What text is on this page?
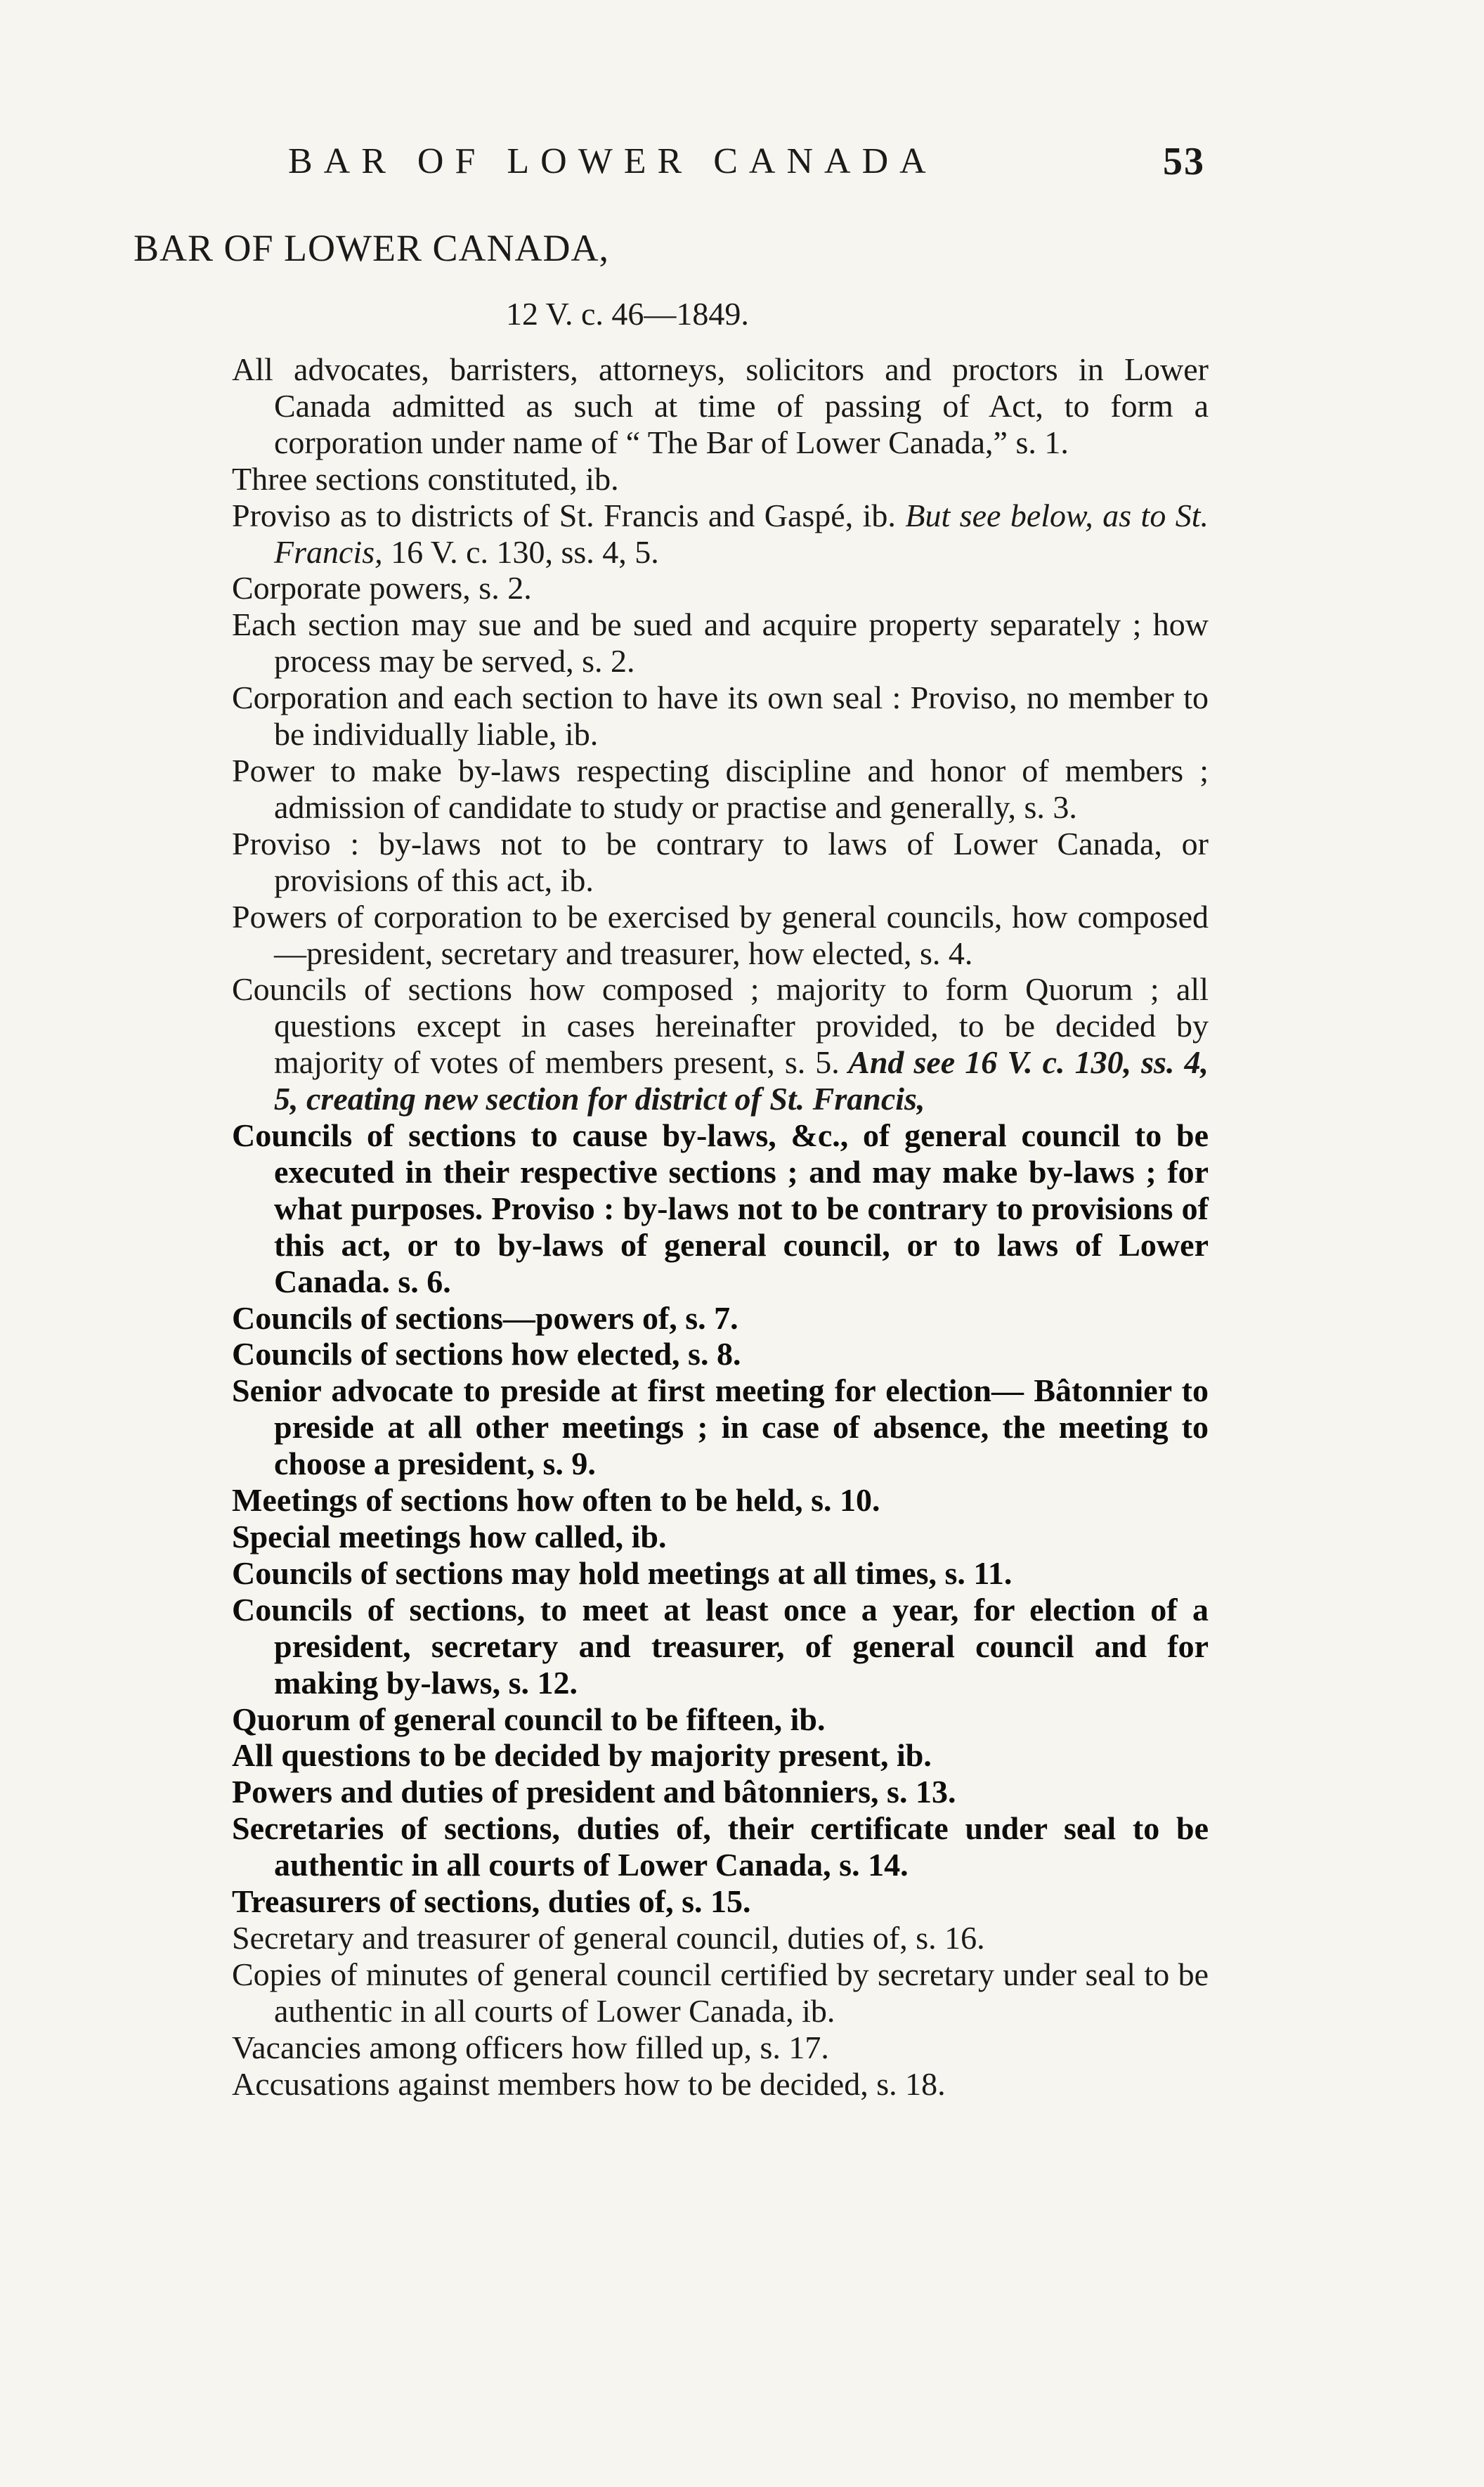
BAR OF LOWER CANADA	53
BAR OF LOWER CANADA,
12 V. c. 46—1849.
All advocates, barristers, attorneys, solicitors and proctors in Lower Canada admitted as such at time of passing of Act, to form a corporation under name of “ The Bar of Lower Canada,” s. 1.
Three sections constituted, ib.
Proviso as to districts of St. Francis and Gaspé, ib. But see below, as to St. Francis, 16 V. c. 130, ss. 4, 5.
Corporate powers, s. 2.
Each section may sue and be sued and acquire property separately ; how process may be served, s. 2.
Corporation and each section to have its own seal : Proviso, no member to be individually liable, ib.
Power to make by-laws respecting discipline and honor of members ; admission of candidate to study or practise and generally, s. 3.
Proviso : by-laws not to be contrary to laws of Lower Canada, or provisions of this act, ib.
Powers of corporation to be exercised by general councils, how composed—president, secretary and treasurer, how elected, s. 4.
Councils of sections how composed ; majority to form Quorum ; all questions except in cases hereinafter provided, to be decided by majority of votes of members present, s. 5. And see 16 V. c. 130, ss. 4, 5, creating new section for district of St. Francis,
Councils of sections to cause by-laws, &c., of general council to be executed in their respective sections ; and may make by-laws ; for what purposes. Proviso : by-laws not to be contrary to provisions of this act, or to by-laws of general council, or to laws of Lower Canada. s. 6.
Councils of sections—powers of, s. 7.
Councils of sections how elected, s. 8.
Senior advocate to preside at first meeting for election— Bâtonnier to preside at all other meetings ; in case of absence, the meeting to choose a president, s. 9.
Meetings of sections how often to be held, s. 10.
Special meetings how called, ib.
Councils of sections may hold meetings at all times, s. 11.
Councils of sections, to meet at least once a year, for election of a president, secretary and treasurer, of general council and for making by-laws, s. 12.
Quorum of general council to be fifteen, ib.
All questions to be decided by majority present, ib.
Powers and duties of president and bâtonniers, s. 13.
Secretaries of sections, duties of, their certificate under seal to be authentic in all courts of Lower Canada, s. 14.
Treasurers of sections, duties of, s. 15.
Secretary and treasurer of general council, duties of, s. 16.
Copies of minutes of general council certified by secretary under seal to be authentic in all courts of Lower Canada, ib.
Vacancies among officers how filled up, s. 17.
Accusations against members how to be decided, s. 18.
